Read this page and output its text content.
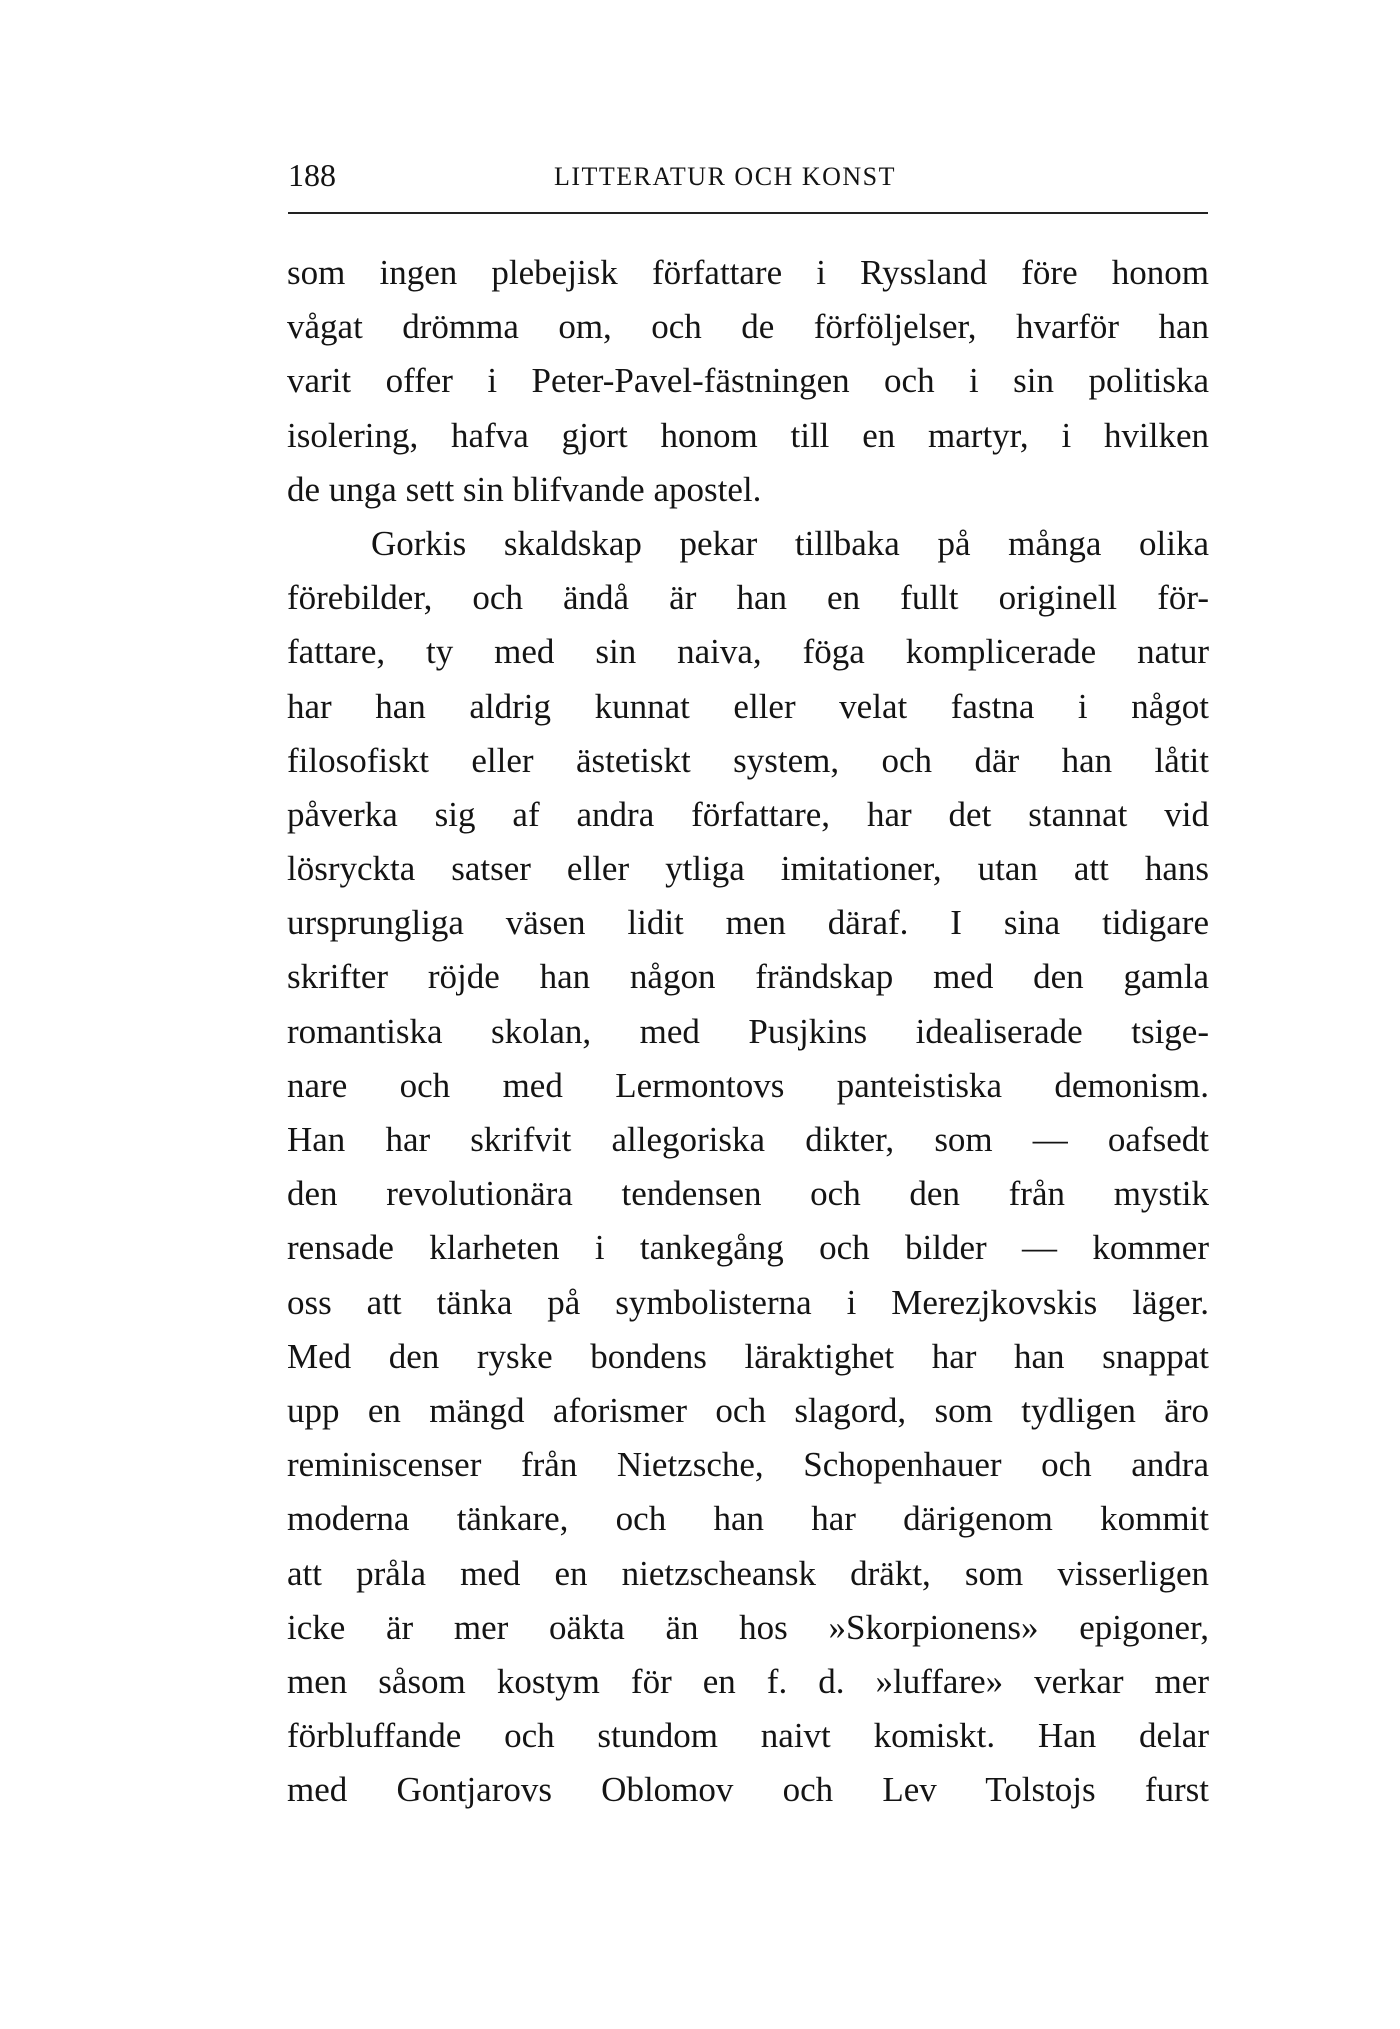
188	LITTERATUR OCH KONST
som ingen plebejisk författare i Ryssland före honom
vågat drömma om, och de förföljelser, hvarför han
varit offer i Peter-Pavel-fästningen och i sin politiska
isolering, hafva gjort honom till en martyr, i hvilken
de unga sett sin blifvande apostel.
Gorkis skaldskap pekar tillbaka på många olika
förebilder, och ändå är han en fullt originell för-
fattare, ty med sin naiva, föga komplicerade natur
har han aldrig kunnat eller velat fastna i något
filosofiskt eller ästetiskt system, och där han låtit
påverka sig af andra författare, har det stannat vid
lösryckta satser eller ytliga imitationer, utan att hans
ursprungliga väsen lidit men däraf. I sina tidigare
skrifter röjde han någon frändskap med den gamla
romantiska skolan, med Pusjkins idealiserade tsige-
nare och med Lermontovs panteistiska demonism.
Han har skrifvit allegoriska dikter, som — oafsedt
den revolutionära tendensen och den från mystik
rensade klarheten i tankegång och bilder — kommer
oss att tänka på symbolisterna i Merezjkovskis läger.
Med den ryske bondens läraktighet har han snappat
upp en mängd aforismer och slagord, som tydligen äro
reminiscenser från Nietzsche, Schopenhauer och andra
moderna tänkare, och han har därigenom kommit
att pråla med en nietzscheansk dräkt, som visserligen
icke är mer oäkta än hos »Skorpionens» epigoner,
men såsom kostym för en f. d. »luffare» verkar mer
förbluffande och stundom naivt komiskt. Han delar
med Gontjarovs Oblomov och Lev Tolstojs furst
